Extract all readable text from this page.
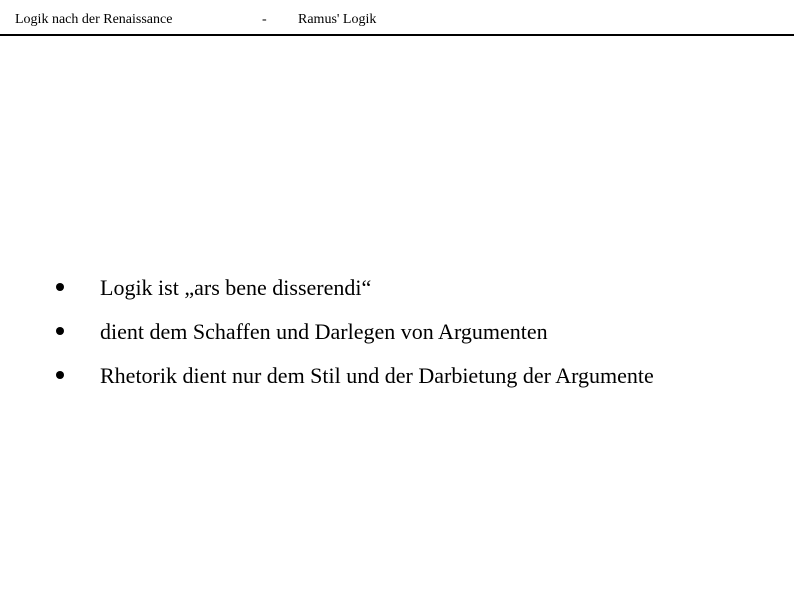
Logik nach der Renaissance	- Ramus' Logik
Logik ist „ars bene disserendi“
dient dem Schaffen und Darlegen von Argumenten
Rhetorik dient nur dem Stil und der Darbietung der Argumente
